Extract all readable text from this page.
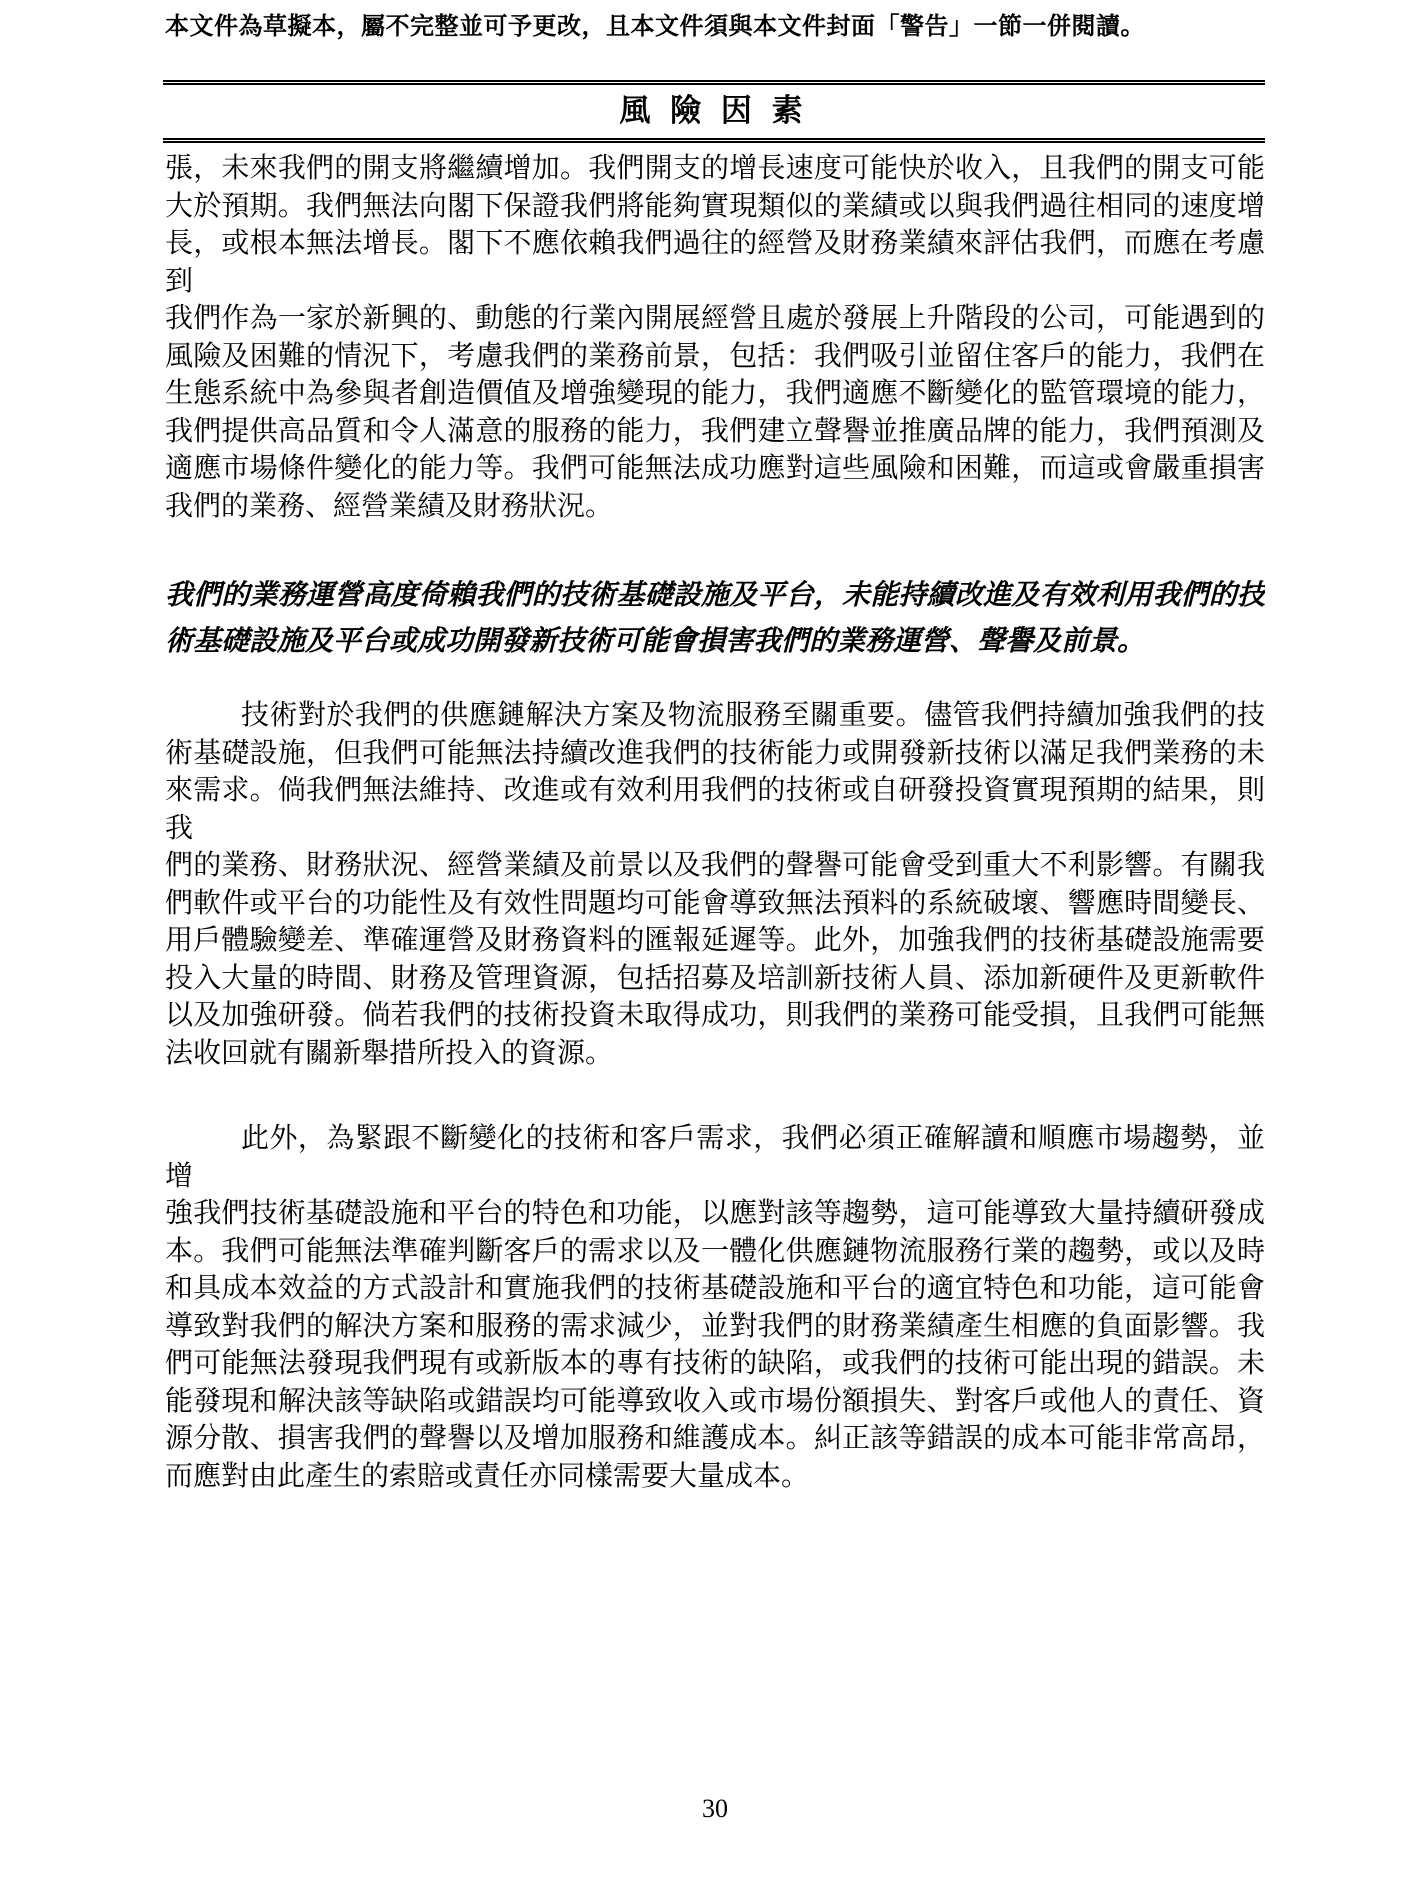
本文件為草擬本，屬不完整並可予更改，且本文件須與本文件封面「警告」一節一併閱讀。
風 險 因 素
張，未來我們的開支將繼續增加。我們開支的增長速度可能快於收入，且我們的開支可能
大於預期。我們無法向閣下保證我們將能夠實現類似的業績或以與我們過往相同的速度增
長，或根本無法增長。閣下不應依賴我們過往的經營及財務業績來評估我們，而應在考慮到
我們作為一家於新興的、動態的行業內開展經營且處於發展上升階段的公司，可能遇到的
風險及困難的情況下，考慮我們的業務前景，包括：我們吸引並留住客戶的能力，我們在
生態系統中為參與者創造價值及增強變現的能力，我們適應不斷變化的監管環境的能力，
我們提供高品質和令人滿意的服務的能力，我們建立聲譽並推廣品牌的能力，我們預測及
適應市場條件變化的能力等。我們可能無法成功應對這些風險和困難，而這或會嚴重損害
我們的業務、經營業績及財務狀況。
我們的業務運營高度倚賴我們的技術基礎設施及平台，未能持續改進及有效利用我們的技
術基礎設施及平台或成功開發新技術可能會損害我們的業務運營、聲譽及前景。
技術對於我們的供應鏈解決方案及物流服務至關重要。儘管我們持續加強我們的技
術基礎設施，但我們可能無法持續改進我們的技術能力或開發新技術以滿足我們業務的未
來需求。倘我們無法維持、改進或有效利用我們的技術或自研發投資實現預期的結果，則我
們的業務、財務狀況、經營業績及前景以及我們的聲譽可能會受到重大不利影響。有關我
們軟件或平台的功能性及有效性問題均可能會導致無法預料的系統破壞、響應時間變長、
用戶體驗變差、準確運營及財務資料的匯報延遲等。此外，加強我們的技術基礎設施需要
投入大量的時間、財務及管理資源，包括招募及培訓新技術人員、添加新硬件及更新軟件
以及加強研發。倘若我們的技術投資未取得成功，則我們的業務可能受損，且我們可能無
法收回就有關新舉措所投入的資源。
此外，為緊跟不斷變化的技術和客戶需求，我們必須正確解讀和順應市場趨勢，並增
強我們技術基礎設施和平台的特色和功能，以應對該等趨勢，這可能導致大量持續研發成
本。我們可能無法準確判斷客戶的需求以及一體化供應鏈物流服務行業的趨勢，或以及時
和具成本效益的方式設計和實施我們的技術基礎設施和平台的適宜特色和功能，這可能會
導致對我們的解決方案和服務的需求減少，並對我們的財務業績產生相應的負面影響。我
們可能無法發現我們現有或新版本的專有技術的缺陷，或我們的技術可能出現的錯誤。未
能發現和解決該等缺陷或錯誤均可能導致收入或市場份額損失、對客戶或他人的責任、資
源分散、損害我們的聲譽以及增加服務和維護成本。糾正該等錯誤的成本可能非常高昂，
而應對由此產生的索賠或責任亦同樣需要大量成本。
30
